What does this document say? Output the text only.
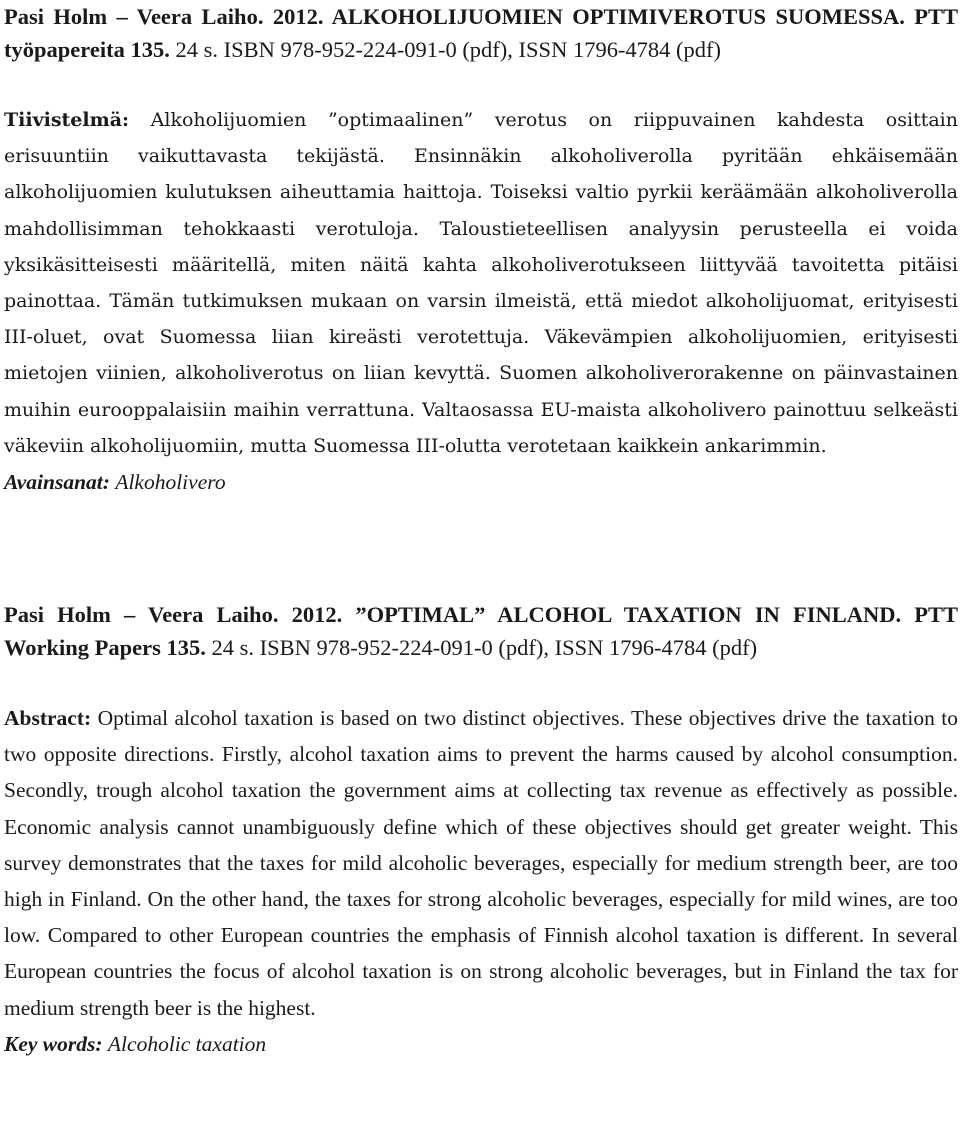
Pasi Holm – Veera Laiho. 2012. ALKOHOLIJUOMIEN OPTIMIVEROTUS SUOMESSA. PTT työpapereita 135. 24 s. ISBN 978-952-224-091-0 (pdf), ISSN 1796-4784 (pdf)

Tiivistelmä: Alkoholijuomien ”optimaalinen” verotus on riippuvainen kahdesta osittain erisuuntiin vaikuttavasta tekijästä. Ensinnäkin alkoholiverolla pyritään ehkäisemään alkoholijuomien kulutuksen aiheuttamia haittoja. Toiseksi valtio pyrkii keräämään alkoholiverolla mahdollisimman tehokkaasti verotuloja. Taloustieteellisen analyysin perusteella ei voida yksikäsitteisesti määritellä, miten näitä kahta alkoholiverotukseen liittyvää tavoitetta pitäisi painottaa. Tämän tutkimuksen mukaan on varsin ilmeistä, että miedot alkoholijuomat, erityisesti III-oluet, ovat Suomessa liian kireästi verotettuja. Väkevämpien alkoholijuomien, erityisesti mietojen viinien, alkoholiverotus on liian kevyttä. Suomen alkoholiverorakenne on päinvastainen muihin eurooppalaisiin maihin verrattuna. Valtaosassa EU-maista alkoholivero painottuu selkeästi väkeviin alkoholijuomiin, mutta Suomessa III-olutta verotetaan kaikkein ankarimmin.

Avainsanat: Alkoholivero

Pasi Holm – Veera Laiho. 2012. ”OPTIMAL” ALCOHOL TAXATION IN FINLAND. PTT Working Papers 135. 24 s. ISBN 978-952-224-091-0 (pdf), ISSN 1796-4784 (pdf)

Abstract: Optimal alcohol taxation is based on two distinct objectives. These objectives drive the taxation to two opposite directions. Firstly, alcohol taxation aims to prevent the harms caused by alcohol consumption. Secondly, trough alcohol taxation the government aims at collecting tax revenue as effectively as possible. Economic analysis cannot unambiguously define which of these objectives should get greater weight. This survey demonstrates that the taxes for mild alcoholic beverages, especially for medium strength beer, are too high in Finland. On the other hand, the taxes for strong alcoholic beverages, especially for mild wines, are too low. Compared to other European countries the emphasis of Finnish alcohol taxation is different. In several European countries the focus of alcohol taxation is on strong alcoholic beverages, but in Finland the tax for medium strength beer is the highest.

Key words: Alcoholic taxation
